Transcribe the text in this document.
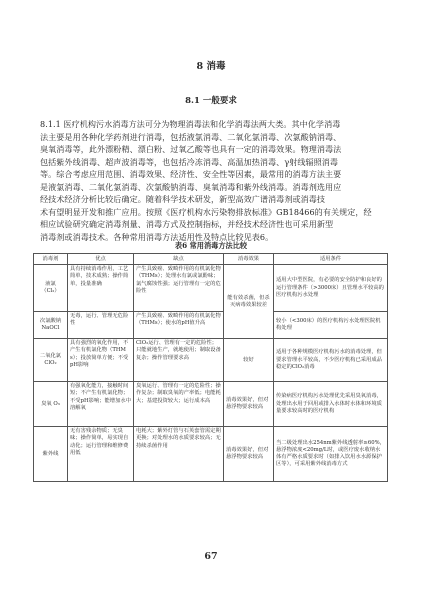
8 消毒
8.1 一般要求
8.1.1 医疗机构污水消毒方法可分为物理消毒法和化学消毒法两大类。其中化学消毒
法主要是用各种化学药剂进行消毒，包括液氯消毒、二氧化氯消毒、次氯酸钠消毒、
臭氧消毒等，此外漂粉精、漂白粉、过氧乙酸等也具有一定的消毒效果。物理消毒法
包括紫外线消毒、超声波消毒等，也包括冷冻消毒、高温加热消毒、γ射线辐照消毒
等。综合考虑应用范围、消毒效果、经济性、安全性等因素，最常用的消毒方法主要
是液氯消毒、二氧化氯消毒、次氯酸钠消毒、臭氧消毒和紫外线消毒。消毒剂选用应
经技术经济分析比较后确定。随着科学技术研发，新型高效广谱消毒剂或消毒技
术有望明显开发和推广应用。按照《医疗机构水污染物排放标准》GB18466的有关规定，经
相应试验研究确定消毒剂量、消毒方式及控制指标，并经技术经济性也可采用新型
消毒剂或消毒技术。各种常用消毒方法适用性及特点比较见表6。
表6 常用消毒方法比较
消毒剂	优点	缺点	消毒效果	适用条件
液氯
（Cl₂）	具有持续消毒作用，工艺简单，技术成熟；操作简单，投量准确	产生具致癌、致畸作用的有机氯化物（THMs）；处理水有氯或氯酚味；氯气腐蚀性强；运行管理有一定的危险性	能有效杀菌，但杀灭病毒效果较差	适用大中型医院，有必要的安全防护和良好的运行管理条件（>3000床）且管理水平较高的医疗机构污水处理
次氯酸钠
NaOCl	无毒，运行、管理无危险性	产生具致癌、致畸作用的有机氯化物（THMs）；使水的pH值升高		较小（<300床）的医疗机构污水处理医院机构处理
二氧化氯
ClO₂	具有强烈的氧化作用，不产生有机氯化物（THMs）；投放简单方便；不受pH影响	ClO₂运行、管理有一定的危险性；只能就地生产，就地使用；制取设备复杂；操作管理要求高	较好	适用于各种规模医疗机构污水的消毒处理，但要求管理水平较高，不少医疗机构已采用成品稳定的ClO₂消毒
臭氧 O₃	有强氧化能力，接触时间短；不产生有机氯化物；不受pH影响；能增加水中溶解氧	臭氧运行、管理有一定的危险性；操作复杂；制取臭氧的产率低；电能耗大；基建投资较大；运行成本高	消毒效果好，但对悬浮物要求较高	传染病医疗机构污水处理优先采用臭氧消毒，处理出水用于回用或排入水体时水体和环境质量要求较高时的医疗机构
紫外线	无有害残余物质；无臭味；操作简单，易实现自动化；运行管理和维修费用低	电耗大；紫外灯管与石英套管需定期更换；对处理水的水质要求较高；无持续杀菌作用	消毒效果好，但对悬浮物要求较高	当二级处理出水254nm紫外线透射率≥60%，悬浮物浓度<20mg/L时，或医疗废水收纳水体有严格水质要求时（如排入饮用水水源保护区等），可采用紫外线消毒方式
67
